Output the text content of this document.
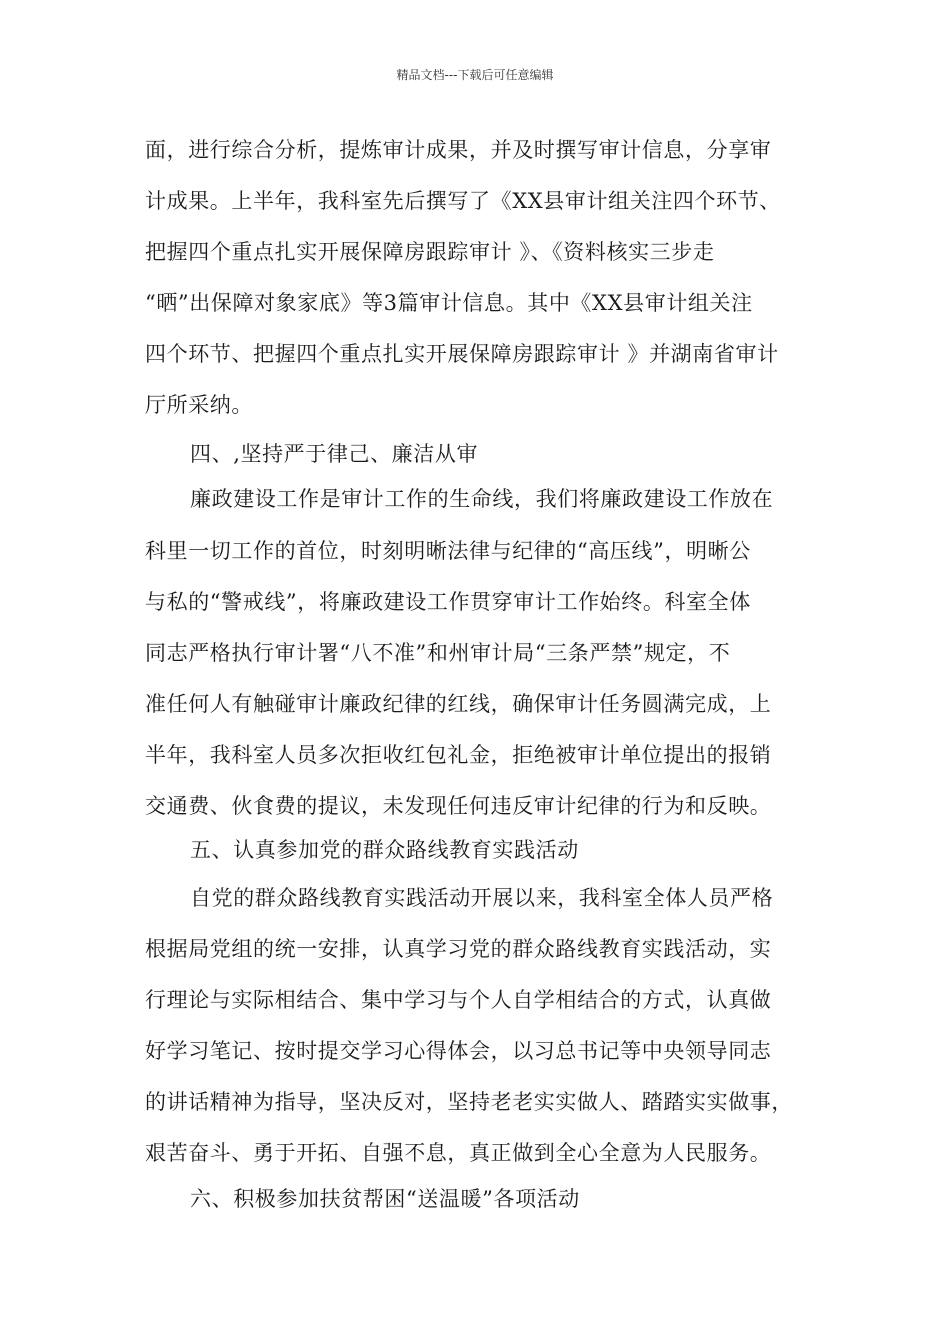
精品文档---下载后可任意编辑
面，进行综合分析，提炼审计成果，并及时撰写审计信息，分享审
计成果。上半年，我科室先后撰写了《XX县审计组关注四个环节、
把握四个重点扎实开展保障房跟踪审计 》、《资料核实三步走
“晒”出保障对象家底》等3篇审计信息。其中《XX县审计组关注
四个环节、把握四个重点扎实开展保障房跟踪审计 》并湖南省审计
厅所采纳。
四、,坚持严于律己、廉洁从审
廉政建设工作是审计工作的生命线，我们将廉政建设工作放在
科里一切工作的首位，时刻明晰法律与纪律的“高压线”，明晰公
与私的“警戒线”，将廉政建设工作贯穿审计工作始终。科室全体
同志严格执行审计署“八不准”和州审计局“三条严禁”规定，不
准任何人有触碰审计廉政纪律的红线，确保审计任务圆满完成，上
半年，我科室人员多次拒收红包礼金，拒绝被审计单位提出的报销
交通费、伙食费的提议，未发现任何违反审计纪律的行为和反映。
五、认真参加党的群众路线教育实践活动
自党的群众路线教育实践活动开展以来，我科室全体人员严格
根据局党组的统一安排，认真学习党的群众路线教育实践活动，实
行理论与实际相结合、集中学习与个人自学相结合的方式，认真做
好学习笔记、按时提交学习心得体会，以习总书记等中央领导同志
的讲话精神为指导，坚决反对，坚持老老实实做人、踏踏实实做事，
艰苦奋斗、勇于开拓、自强不息，真正做到全心全意为人民服务。
六、积极参加扶贫帮困“送温暖”各项活动
